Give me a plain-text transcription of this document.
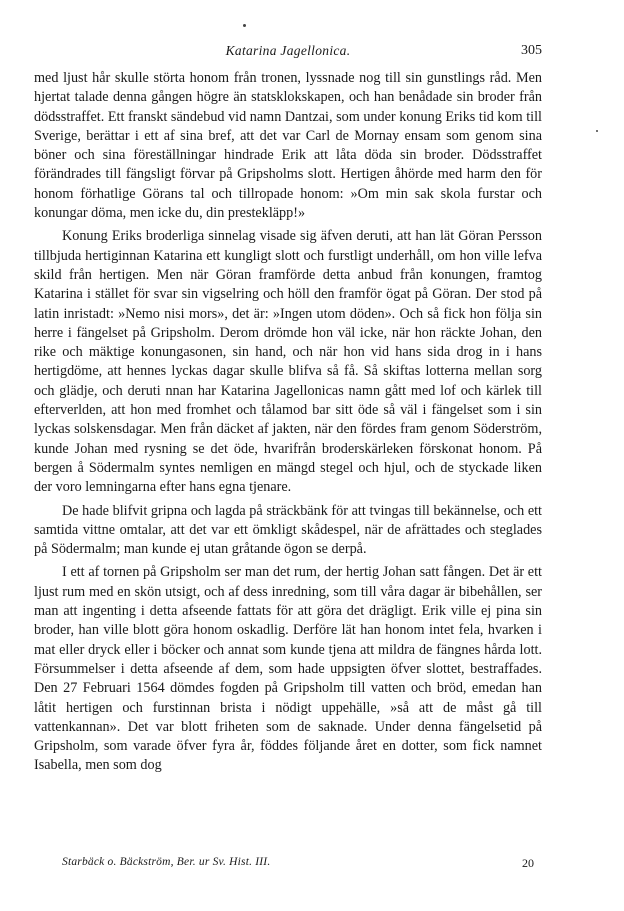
Katarina Jagellonica.	305

med ljust hår skulle störta honom från tronen, lyssnade nog till sin gunstlings råd. Men hjertat talade denna gången högre än statsklokskapen, och han benådade sin broder från dödsstraffet. Ett franskt sändebud vid namn Dantzai, som under konung Eriks tid kom till Sverige, berättar i ett af sina bref, att det var Carl de Mornay ensam som genom sina böner och sina föreställningar hindrade Erik att låta döda sin broder. Dödsstraffet förändrades till fängsligt förvar på Gripsholms slott. Hertigen åhörde med harm den för honom förhatlige Görans tal och tillropade honom: »Om min sak skola furstar och konungar döma, men icke du, din prestekläpp!»

Konung Eriks broderliga sinnelag visade sig äfven deruti, att han lät Göran Persson tillbjuda hertiginnan Katarina ett kungligt slott och furstligt underhåll, om hon ville lefva skild från hertigen. Men när Göran framförde detta anbud från konungen, framtog Katarina i stället för svar sin vigselring och höll den framför ögat på Göran. Der stod på latin inristadt: »Nemo nisi mors», det är: »Ingen utom döden». Och så fick hon följa sin herre i fängelset på Gripsholm. Derom drömde hon väl icke, när hon räckte Johan, den rike och mäktige konungasonen, sin hand, och när hon vid hans sida drog in i hans hertigdöme, att hennes lyckas dagar skulle blifva så få. Så skiftas lotterna mellan sorg och glädje, och deruti nnan har Katarina Jagellonicas namn gått med lof och kärlek till efterverlden, att hon med fromhet och tålamod bar sitt öde så väl i fängelset som i sin lyckas solskensdagar. Men från däcket af jakten, när den fördes fram genom Söderström, kunde Johan med rysning se det öde, hvarifrån broderskärleken förskonat honom. På bergen å Södermalm syntes nemligen en mängd stegel och hjul, och de styckade liken der voro lemningarna efter hans egna tjenare.

De hade blifvit gripna och lagda på sträckbänk för att tvingas till bekännelse, och ett samtida vittne omtalar, att det var ett ömkligt skådespel, när de afrättades och steglades på Södermalm; man kunde ej utan gråtande ögon se derpå.

I ett af tornen på Gripsholm ser man det rum, der hertig Johan satt fången. Det är ett ljust rum med en skön utsigt, och af dess inredning, som till våra dagar är bibehållen, ser man att ingenting i detta afseende fattats för att göra det drägligt. Erik ville ej pina sin broder, han ville blott göra honom oskadlig. Derföre lät han honom intet fela, hvarken i mat eller dryck eller i böcker och annat som kunde tjena att mildra de fängnes hårda lott. Försummelser i detta afseende af dem, som hade uppsigten öfver slottet, bestraffades. Den 27 Februari 1564 dömdes fogden på Gripsholm till vatten och bröd, emedan han låtit hertigen och furstinnan brista i nödigt uppehälle, »så att de måst gå till vattenkannan». Det var blott friheten som de saknade. Under denna fängelsetid på Gripsholm, som varade öfver fyra år, föddes följande året en dotter, som fick namnet Isabella, men som dog

Starbäck o. Bäckström, Ber. ur Sv. Hist. III.	20
